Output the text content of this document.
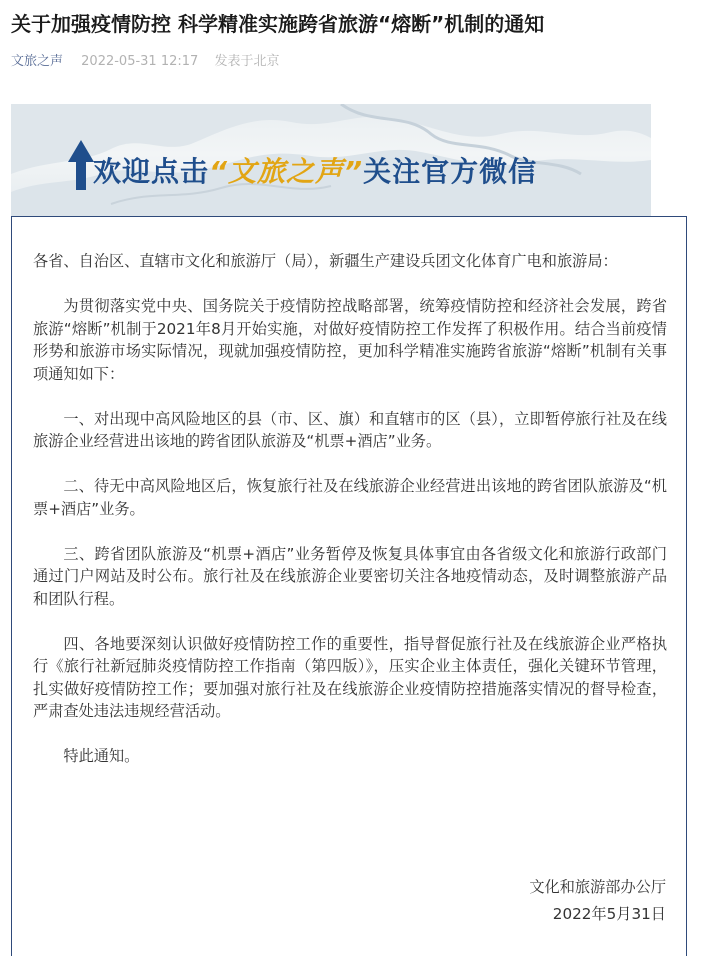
关于加强疫情防控 科学精准实施跨省旅游“熔断”机制的通知
文旅之声 2022-05-31 12:17 发表于北京
欢迎点击“文旅之声”关注官方微信

各省、自治区、直辖市文化和旅游厅（局），新疆生产建设兵团文化体育广电和旅游局：

为贯彻落实党中央、国务院关于疫情防控战略部署，统筹疫情防控和经济社会发展，跨省旅游“熔断”机制于2021年8月开始实施，对做好疫情防控工作发挥了积极作用。结合当前疫情形势和旅游市场实际情况，现就加强疫情防控，更加科学精准实施跨省旅游“熔断”机制有关事项通知如下：

一、对出现中高风险地区的县（市、区、旗）和直辖市的区（县），立即暂停旅行社及在线旅游企业经营进出该地的跨省团队旅游及“机票+酒店”业务。

二、待无中高风险地区后，恢复旅行社及在线旅游企业经营进出该地的跨省团队旅游及“机票+酒店”业务。

三、跨省团队旅游及“机票+酒店”业务暂停及恢复具体事宜由各省级文化和旅游行政部门通过门户网站及时公布。旅行社及在线旅游企业要密切关注各地疫情动态，及时调整旅游产品和团队行程。

四、各地要深刻认识做好疫情防控工作的重要性，指导督促旅行社及在线旅游企业严格执行《旅行社新冠肺炎疫情防控工作指南（第四版）》，压实企业主体责任，强化关键环节管理，扎实做好疫情防控工作；要加强对旅行社及在线旅游企业疫情防控措施落实情况的督导检查，严肃查处违法违规经营活动。

特此通知。

文化和旅游部办公厅
2022年5月31日
